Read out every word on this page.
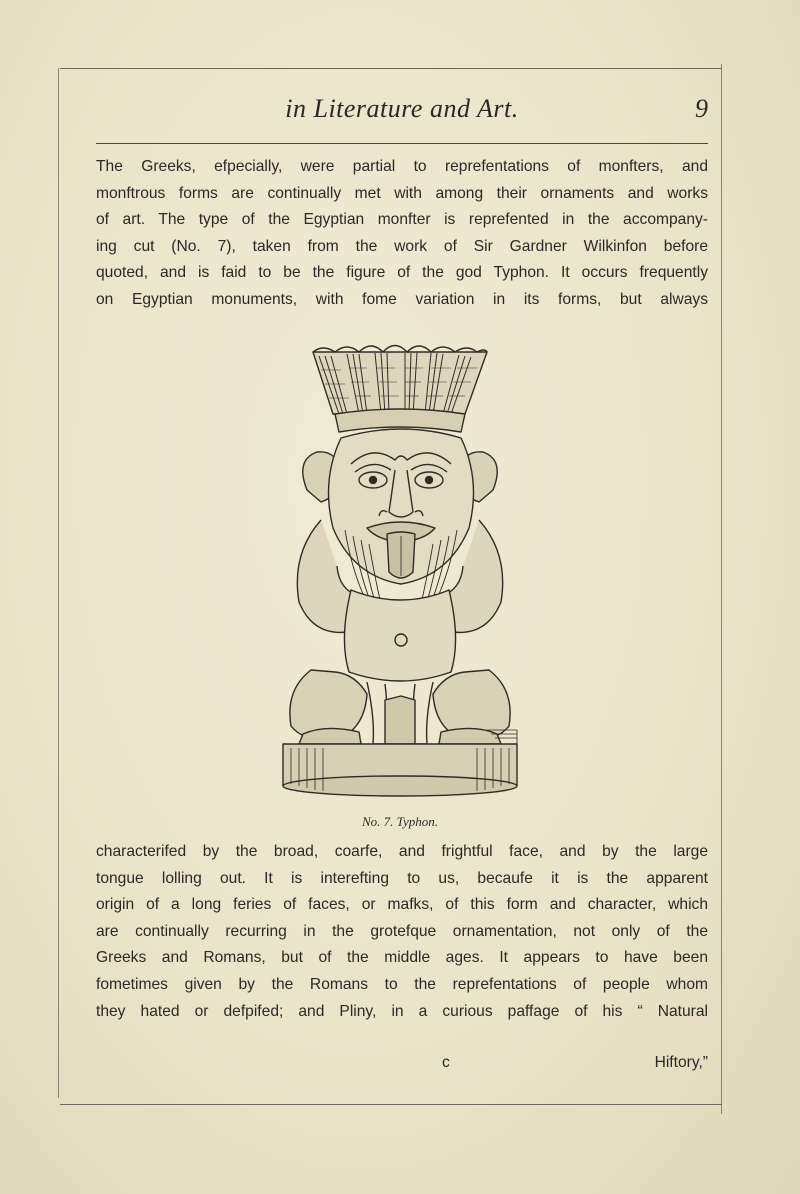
in Literature and Art.	9
The Greeks, efpecially, were partial to reprefentations of monfters, and
monftrous forms are continually met with among their ornaments and works
of art. The type of the Egyptian monfter is reprefented in the accompany-
ing cut (No. 7), taken from the work of Sir Gardner Wilkinfon before
quoted, and is faid to be the figure of the god Typhon. It occurs frequently
on Egyptian monuments, with fome variation in its forms, but always
No. 7. Typhon.
characterifed by the broad, coarfe, and frightful face, and by the large
tongue lolling out. It is interefting to us, becaufe it is the apparent
origin of a long feries of faces, or mafks, of this form and character, which
are continually recurring in the grotefque ornamentation, not only of the
Greeks and Romans, but of the middle ages. It appears to have been
fometimes given by the Romans to the reprefentations of people whom
they hated or defpifed; and Pliny, in a curious paffage of his “ Natural
c	Hiftory,”
